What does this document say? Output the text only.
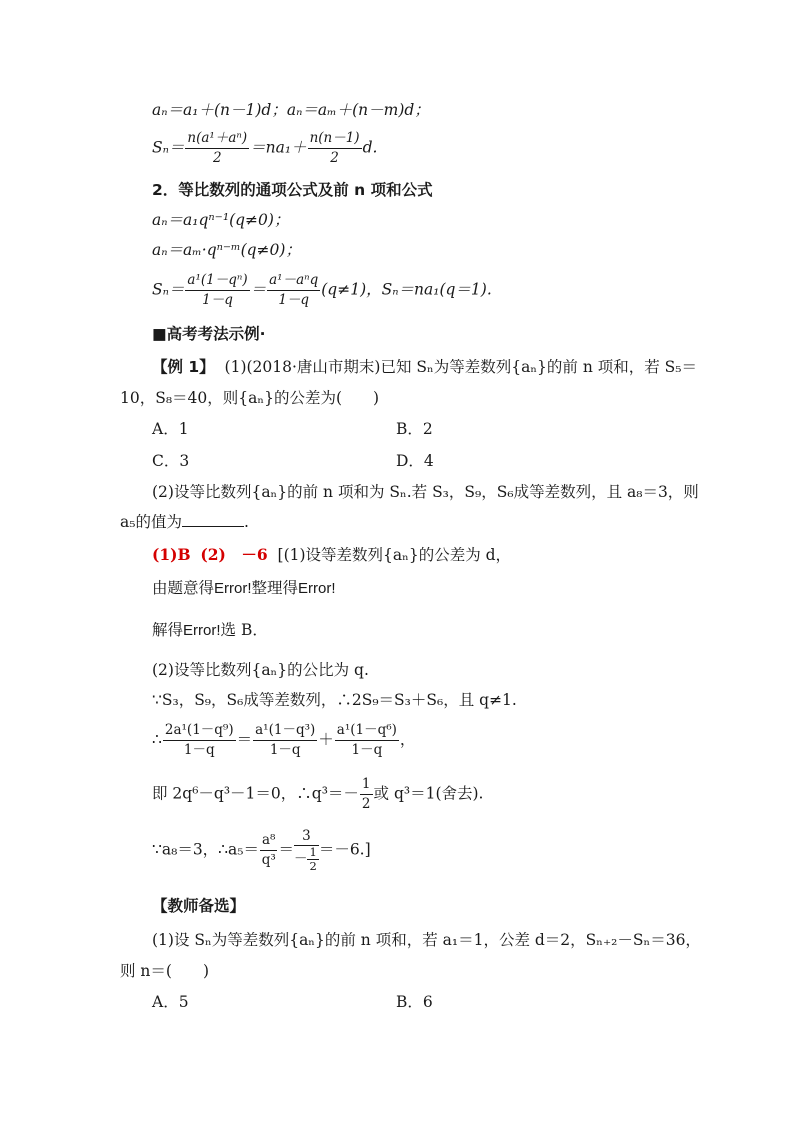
aₙ＝a₁＋(n－1)d；aₙ＝aₘ＋(n－m)d；
$S_n= \frac{\text{n(a¹＋aⁿ)}}{2} =na_1+ \frac{n(n-1)}{2} d$.
2．等比数列的通项公式及前 n 项和公式
aₙ＝a₁qⁿ⁻¹(q≠0)；
aₙ＝aₘ·qⁿ⁻ᵐ(q≠0)；
$S_n= \frac{\text{a¹(1－qⁿ)}}{1-q} = \frac{\text{a¹－aⁿq}}{1-q} (q\ne 1)$，Sₙ＝na₁(q＝1).
■高考考法示例·
【例 1】 (1)(2018·唐山市期末)已知 Sₙ为等差数列{aₙ}的前 n 项和，若 S₅＝
10，S₈＝40，则{aₙ}的公差为(　　)
A．1	B．2
C．3	D．4
(2)设等比数列{aₙ}的前 n 项和为 Sₙ.若 S₃，S₉，S₆成等差数列，且 a₈＝3，则
a₅的值为	.
(1)B (2)　－6 [(1)设等差数列{aₙ}的公差为 d，
由题意得Error!整理得Error!
解得Error!选 B．
(2)设等比数列{aₙ}的公比为 q.
∵S₃，S₉，S₆成等差数列，∴2S₉＝S₃＋S₆，且 q≠1.
∴ $\frac{\text{2a¹(1－q⁹)}}{1-q} = \frac{\text{a¹(1－q³)}}{1-q} + \frac{\text{a¹(1－q⁶)}}{1-q}$ ，
即 2q⁶－q³－1＝0，∴q³＝－ $\frac{1}{2}$ 或 q³＝1(舍去).
∵a₈＝3，∴a₅＝ $\frac{\text{a⁸}}{\text{q³}} = \frac{3}{- \frac{1}{2}} =-6$.]
【教师备选】
(1)设 Sₙ为等差数列{aₙ}的前 n 项和，若 a₁＝1，公差 d＝2，Sₙ₊₂－Sₙ＝36，
则 n＝(　　)
A．5	B．6
